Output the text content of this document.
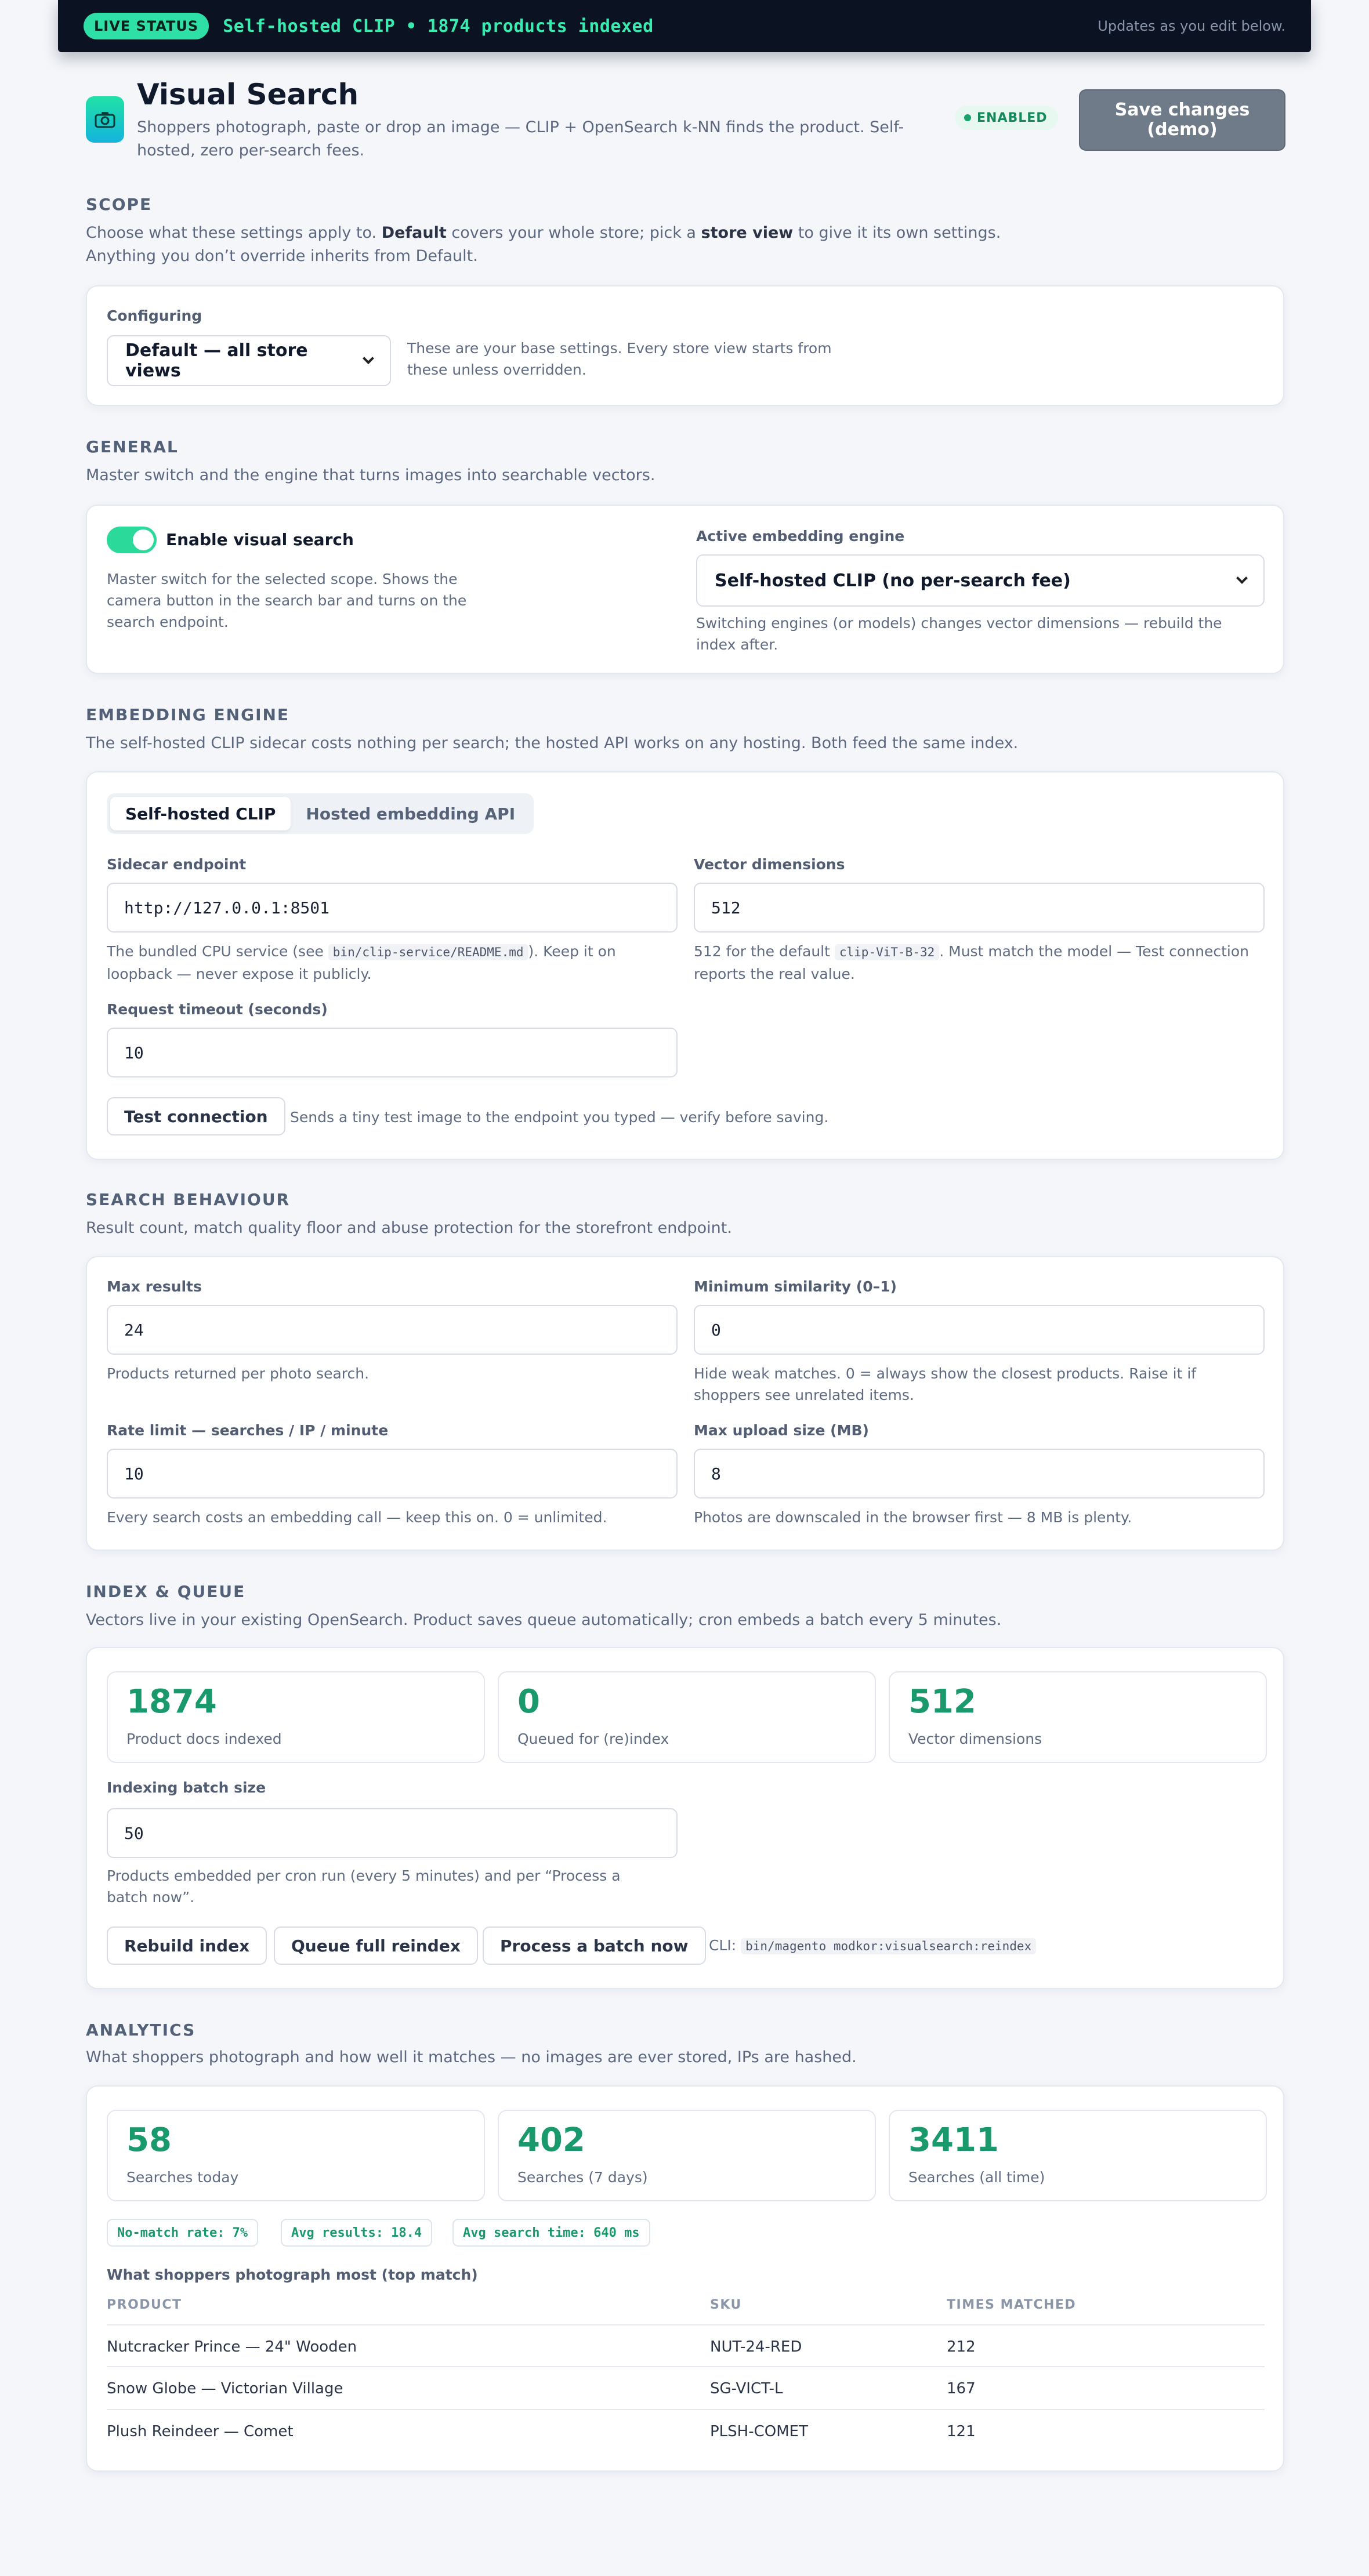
LIVE STATUS	Self-hosted CLIP • 1874 products indexed	Updates as you edit below.
Visual Search
Shoppers photograph, paste or drop an image — CLIP + OpenSearch k-NN finds the product. Self-hosted, zero per-search fees.
ENABLED	Save changes (demo)
SCOPE
Choose what these settings apply to. Default covers your whole store; pick a store view to give it its own settings.
Anything you don’t override inherits from Default.
Configuring
Default — all store views
These are your base settings. Every store view starts from these unless overridden.
GENERAL
Master switch and the engine that turns images into searchable vectors.
Enable visual search
Master switch for the selected scope. Shows the camera button in the search bar and turns on the search endpoint.
Active embedding engine
Self-hosted CLIP (no per-search fee)
Switching engines (or models) changes vector dimensions — rebuild the index after.
EMBEDDING ENGINE
The self-hosted CLIP sidecar costs nothing per search; the hosted API works on any hosting. Both feed the same index.
Self-hosted CLIP	Hosted embedding API
Sidecar endpoint
http://127.0.0.1:8501
The bundled CPU service (see bin/clip-service/README.md ). Keep it on loopback — never expose it publicly.
Vector dimensions
512
512 for the default clip-ViT-B-32 . Must match the model — Test connection reports the real value.
Request timeout (seconds)
10
Test connection	Sends a tiny test image to the endpoint you typed — verify before saving.
SEARCH BEHAVIOUR
Result count, match quality floor and abuse protection for the storefront endpoint.
Max results
24
Products returned per photo search.
Minimum similarity (0–1)
0
Hide weak matches. 0 = always show the closest products. Raise it if shoppers see unrelated items.
Rate limit — searches / IP / minute
10
Every search costs an embedding call — keep this on. 0 = unlimited.
Max upload size (MB)
8
Photos are downscaled in the browser first — 8 MB is plenty.
INDEX & QUEUE
Vectors live in your existing OpenSearch. Product saves queue automatically; cron embeds a batch every 5 minutes.
1874
Product docs indexed
0
Queued for (re)index
512
Vector dimensions
Indexing batch size
50
Products embedded per cron run (every 5 minutes) and per “Process a batch now”.
Rebuild index	Queue full reindex	Process a batch now	CLI: bin/magento modkor:visualsearch:reindex
ANALYTICS
What shoppers photograph and how well it matches — no images are ever stored, IPs are hashed.
58
Searches today
402
Searches (7 days)
3411
Searches (all time)
No-match rate: 7%	Avg results: 18.4	Avg search time: 640 ms
What shoppers photograph most (top match)
PRODUCT	SKU	TIMES MATCHED
Nutcracker Prince — 24" Wooden	NUT-24-RED	212
Snow Globe — Victorian Village	SG-VICT-L	167
Plush Reindeer — Comet	PLSH-COMET	121
